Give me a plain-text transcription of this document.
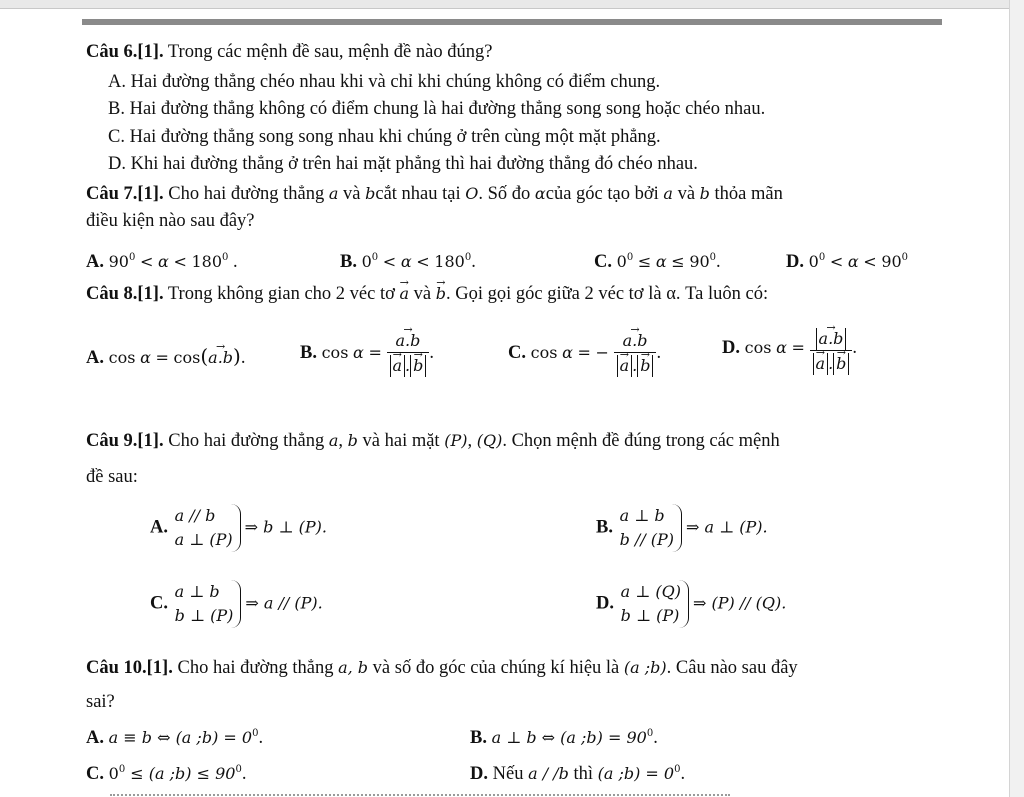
Câu 6.[1]. Trong các mệnh đề sau, mệnh đề nào đúng?
A. Hai đường thẳng chéo nhau khi và chỉ khi chúng không có điểm chung.
B. Hai đường thẳng không có điểm chung là hai đường thẳng song song hoặc chéo nhau.
C. Hai đường thẳng song song nhau khi chúng ở trên cùng một mặt phẳng.
D. Khi hai đường thẳng ở trên hai mặt phẳng thì hai đường thẳng đó chéo nhau.
Câu 7.[1]. Cho hai đường thẳng a và bcắt nhau tại O. Số đo αcủa góc tạo bởi a và b thỏa mãn
điều kiện nào sau đây?
A. $90^0 < \alpha < 180^0$ .	B. $0^0 < \alpha < 180^0$.	C. $0^0 \le \alpha \le 90^0$.	D. $0^0 < \alpha < 90^0$
Câu 8.[1]. Trong không gian cho 2 véc tơ → a và → b. Gọi gọi góc giữa 2 véc tơ là α. Ta luôn có:
A. cos α = cos(→ a.b).	B. cos α = → a.b
→ a . → b .	C. cos α = − → a.b
→ a . → b .	D. cos α = → a.b
→ a . → b .
Câu 9.[1]. Cho hai đường thẳng a, b và hai mặt (P), (Q). Chọn mệnh đề đúng trong các mệnh
đề sau:
A.
a // b
a ⊥ (P)
⇒ b ⊥ (P).	B.
a ⊥ b
b // (P)
⇒ a ⊥ (P).
C.
a ⊥ b
b ⊥ (P)
⇒ a // (P).	D.
a ⊥ (Q)
b ⊥ (P)
⇒ (P) // (Q).
Câu 10.[1]. Cho hai đường thẳng a, b và số đo góc của chúng kí hiệu là (a ;b). Câu nào sau đây
sai?
A. a ≡ b ⇔ (a ;b) = $0^0$.	B. a ⊥ b ⇔ (a ;b) = $90^0$.
C. $0^0 \le (a$ ;b) ≤ $90^0$.	D. Nếu a / /b thì (a ;b) = $0^0$.
